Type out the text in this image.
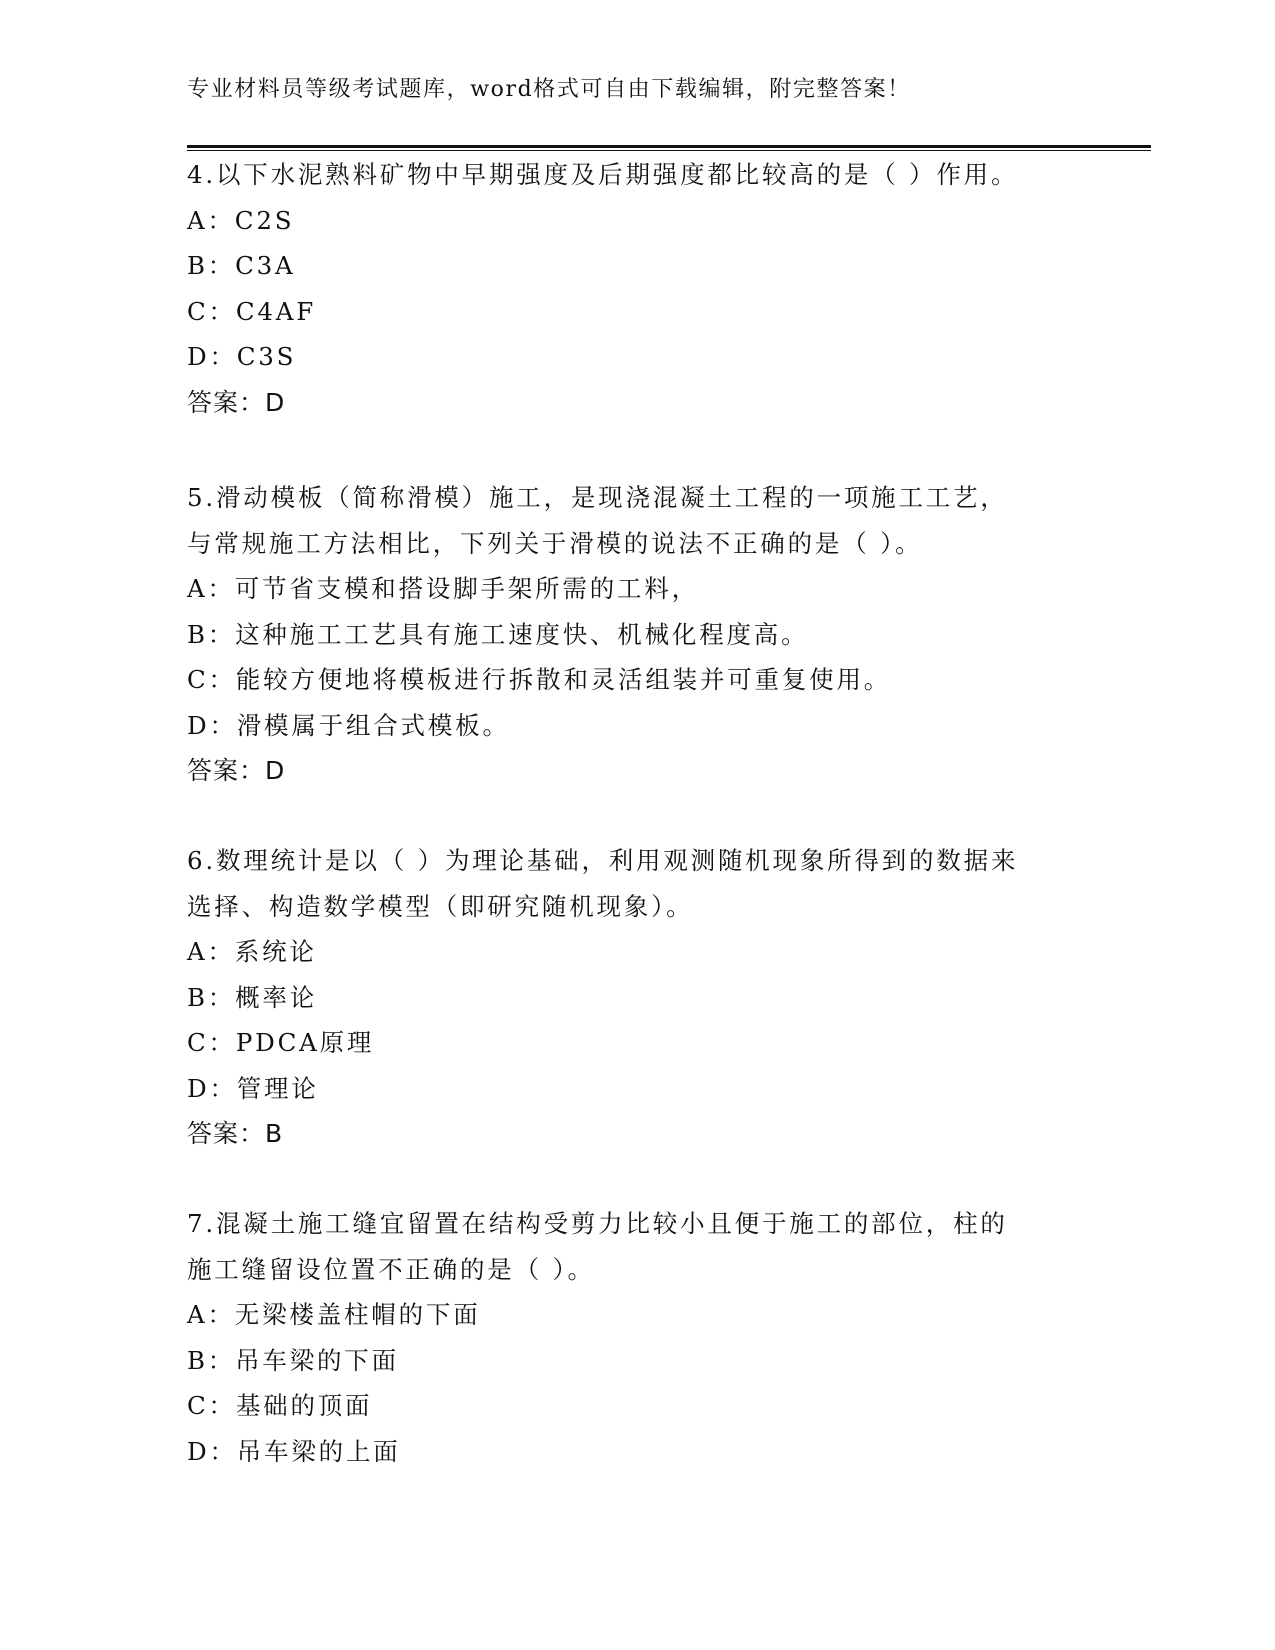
专业材料员等级考试题库，word格式可自由下载编辑，附完整答案！
4.以下水泥熟料矿物中早期强度及后期强度都比较高的是（ ）作用。
A：C2S
B：C3A
C：C4AF
D：C3S
答案：D
5.滑动模板（简称滑模）施工，是现浇混凝土工程的一项施工工艺，
与常规施工方法相比，下列关于滑模的说法不正确的是（ ）。
A：可节省支模和搭设脚手架所需的工料，
B：这种施工工艺具有施工速度快、机械化程度高。
C：能较方便地将模板进行拆散和灵活组装并可重复使用。
D：滑模属于组合式模板。
答案：D
6.数理统计是以（ ）为理论基础，利用观测随机现象所得到的数据来
选择、构造数学模型（即研究随机现象）。
A：系统论
B：概率论
C：PDCA原理
D：管理论
答案：B
7.混凝土施工缝宜留置在结构受剪力比较小且便于施工的部位，柱的
施工缝留设位置不正确的是（ ）。
A：无梁楼盖柱帽的下面
B：吊车梁的下面
C：基础的顶面
D：吊车梁的上面
